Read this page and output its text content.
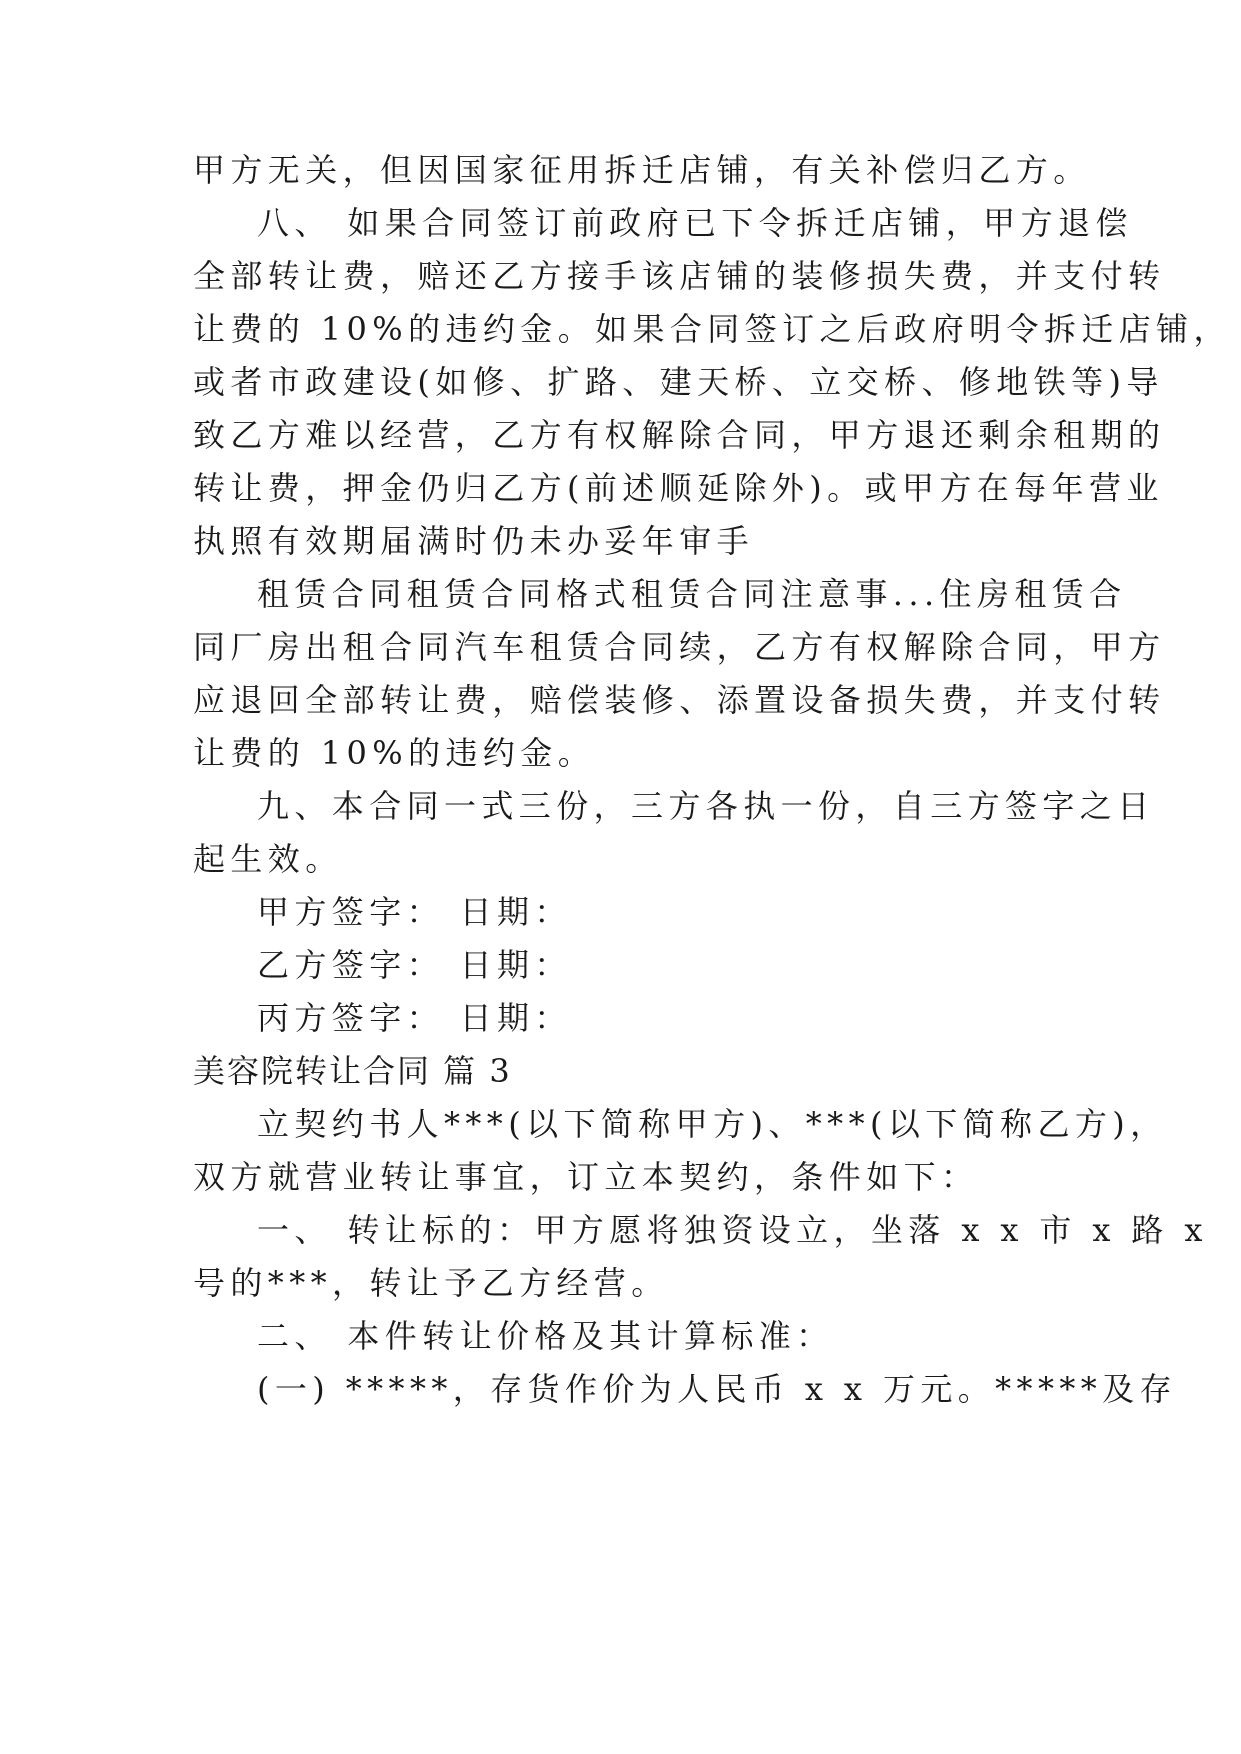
甲方无关，但因国家征用拆迁店铺，有关补偿归乙方。
八、 如果合同签订前政府已下令拆迁店铺，甲方退偿
全部转让费，赔还乙方接手该店铺的装修损失费，并支付转
让费的 10%的违约金。如果合同签订之后政府明令拆迁店铺，
或者市政建设(如修、扩路、建天桥、立交桥、修地铁等)导
致乙方难以经营，乙方有权解除合同，甲方退还剩余租期的
转让费，押金仍归乙方(前述顺延除外)。或甲方在每年营业
执照有效期届满时仍未办妥年审手
租赁合同租赁合同格式租赁合同注意事...住房租赁合
同厂房出租合同汽车租赁合同续，乙方有权解除合同，甲方
应退回全部转让费，赔偿装修、添置设备损失费，并支付转
让费的 10%的违约金。
九、本合同一式三份，三方各执一份，自三方签字之日
起生效。
甲方签字： 日期：
乙方签字： 日期：
丙方签字： 日期：
美容院转让合同 篇 3
立契约书人***(以下简称甲方)、***(以下简称乙方)，
双方就营业转让事宜，订立本契约，条件如下：
一、 转让标的：甲方愿将独资设立，坐落 x x 市 x 路 x
号的***，转让予乙方经营。
二、 本件转让价格及其计算标准：
(一) *****，存货作价为人民币 x x 万元。*****及存
